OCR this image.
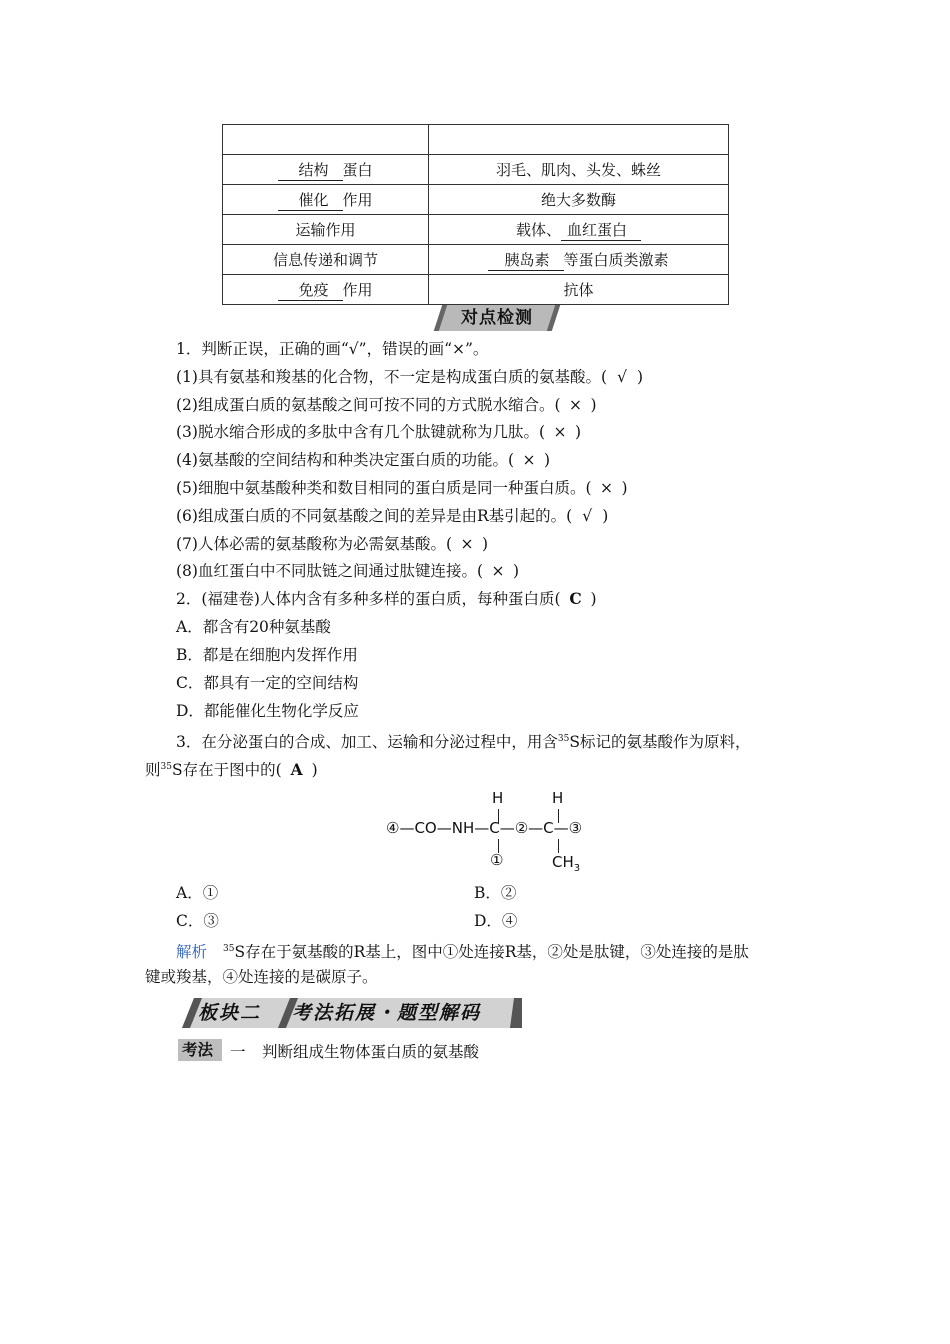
结构 蛋白	羽毛、肌肉、头发、蛛丝
催化 作用	绝大多数酶
运输作用	载体、 血红蛋白
信息传递和调节	胰岛素 等蛋白质类激素
免疫 作用	抗体
对点检测
1．判断正误，正确的画“√”，错误的画“×”。
(1)具有氨基和羧基的化合物，不一定是构成蛋白质的氨基酸。( √ )
(2)组成蛋白质的氨基酸之间可按不同的方式脱水缩合。( × )
(3)脱水缩合形成的多肽中含有几个肽键就称为几肽。( × )
(4)氨基酸的空间结构和种类决定蛋白质的功能。( × )
(5)细胞中氨基酸种类和数目相同的蛋白质是同一种蛋白质。( × )
(6)组成蛋白质的不同氨基酸之间的差异是由R基引起的。( √ )
(7)人体必需的氨基酸称为必需氨基酸。( × )
(8)血红蛋白中不同肽链之间通过肽键连接。( × )
2．(福建卷)人体内含有多种多样的蛋白质，每种蛋白质( C )
A．都含有20种氨基酸
B．都是在细胞内发挥作用
C．都具有一定的空间结构
D．都能催化生物化学反应
3．在分泌蛋白的合成、加工、运输和分泌过程中，用含$^{35}$S标记的氨基酸作为原料，
则$^{35}$S存在于图中的( A )
H	H
④—CO—NH—C—②—C—③
①	$CH_3$
A．①	B．②
C．③	D．④
解析 $^{35}$S存在于氨基酸的R基上，图中①处连接R基，②处是肽键，③处连接的是肽
键或羧基，④处连接的是碳原子。
板块二 考法拓展・题型解码
考法 一 判断组成生物体蛋白质的氨基酸
